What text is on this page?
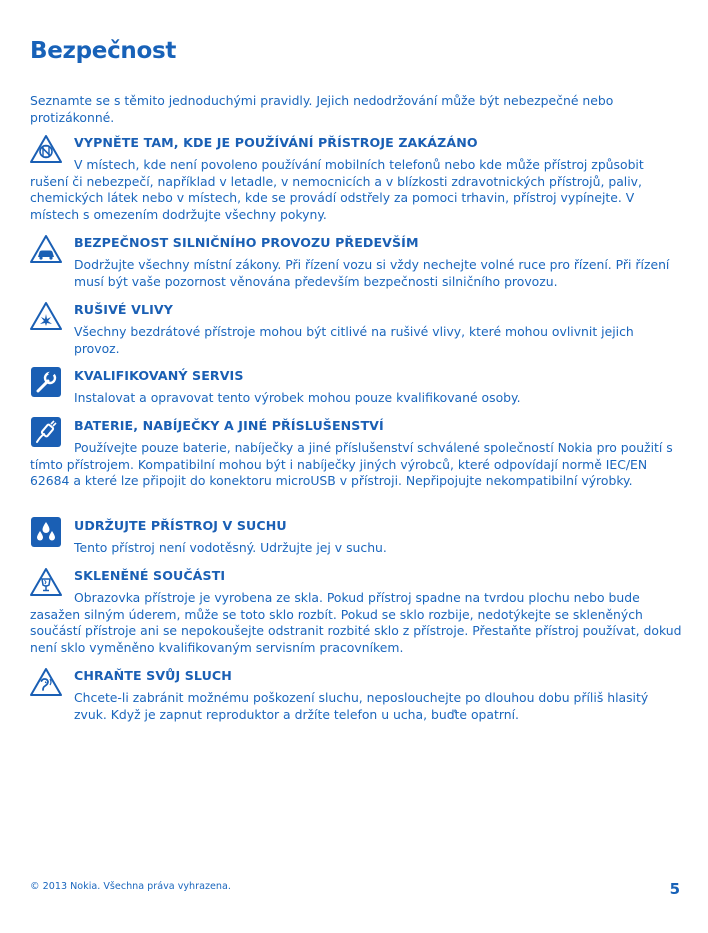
Bezpečnost
Seznamte se s těmito jednoduchými pravidly. Jejich nedodržování může být nebezpečné nebo protizákonné.
VYPNĚTE TAM, KDE JE POUŽÍVÁNÍ PŘÍSTROJE ZAKÁZÁNO
V místech, kde není povoleno používání mobilních telefonů nebo kde může přístroj způsobit rušení či nebezpečí, například v letadle, v nemocnicích a v blízkosti zdravotnických přístrojů, paliv, chemických látek nebo v místech, kde se provádí odstřely za pomoci trhavin, přístroj vypínejte. V místech s omezením dodržujte všechny pokyny.
BEZPEČNOST SILNIČNÍHO PROVOZU PŘEDEVŠÍM
Dodržujte všechny místní zákony. Při řízení vozu si vždy nechejte volné ruce pro řízení. Při řízení musí být vaše pozornost věnována především bezpečnosti silničního provozu.
RUŠIVÉ VLIVY
Všechny bezdrátové přístroje mohou být citlivé na rušivé vlivy, které mohou ovlivnit jejich provoz.
KVALIFIKOVANÝ SERVIS
Instalovat a opravovat tento výrobek mohou pouze kvalifikované osoby.
BATERIE, NABÍJEČKY A JINÉ PŘÍSLUŠENSTVÍ
Používejte pouze baterie, nabíječky a jiné příslušenství schválené společností Nokia pro použití s tímto přístrojem. Kompatibilní mohou být i nabíječky jiných výrobců, které odpovídají normě IEC/EN 62684 a které lze připojit do konektoru microUSB v přístroji. Nepřipojujte nekompatibilní výrobky.
UDRŽUJTE PŘÍSTROJ V SUCHU
Tento přístroj není vodotěsný. Udržujte jej v suchu.
SKLENĚNÉ SOUČÁSTI
Obrazovka přístroje je vyrobena ze skla. Pokud přístroj spadne na tvrdou plochu nebo bude zasažen silným úderem, může se toto sklo rozbít. Pokud se sklo rozbije, nedotýkejte se skleněných součástí přístroje ani se nepokoušejte odstranit rozbité sklo z přístroje. Přestaňte přístroj používat, dokud není sklo vyměněno kvalifikovaným servisním pracovníkem.
CHRAŇTE SVŮJ SLUCH
Chcete-li zabránit možnému poškození sluchu, neposlouchejte po dlouhou dobu příliš hlasitý zvuk. Když je zapnut reproduktor a držíte telefon u ucha, buďte opatrní.
© 2013 Nokia. Všechna práva vyhrazena.	5
